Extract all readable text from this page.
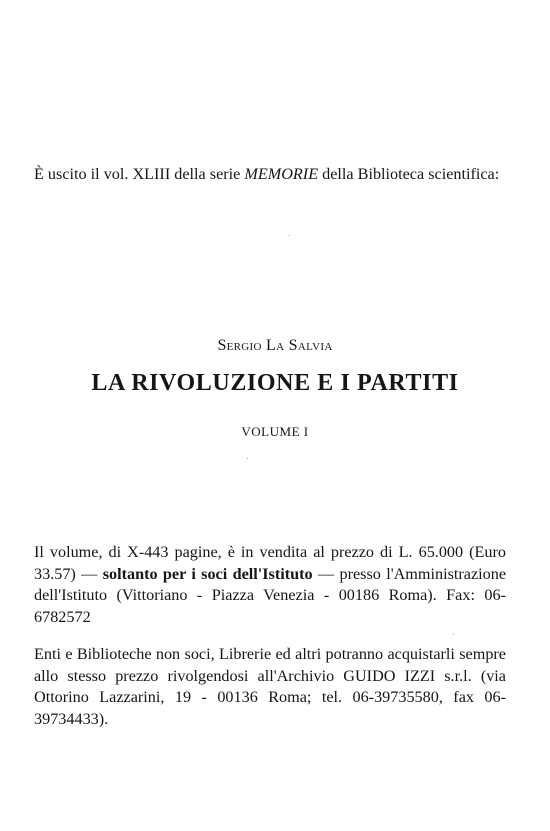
È uscito il vol. XLIII della serie MEMORIE della Biblioteca scientifica:

Sergio La Salvia
LA RIVOLUZIONE E I PARTITI
VOLUME I

Il volume, di X-443 pagine, è in vendita al prezzo di L. 65.000 (Euro 33.57) — soltanto per i soci dell'Istituto — presso l'Amministrazione dell'Istituto (Vittoriano - Piazza Venezia - 00186 Roma). Fax: 06-6782572

Enti e Biblioteche non soci, Librerie ed altri potranno acquistarli sempre allo stesso prezzo rivolgendosi all'Archivio GUIDO IZZI s.r.l. (via Ottorino Lazzarini, 19 - 00136 Roma; tel. 06-39735580, fax 06-39734433).
